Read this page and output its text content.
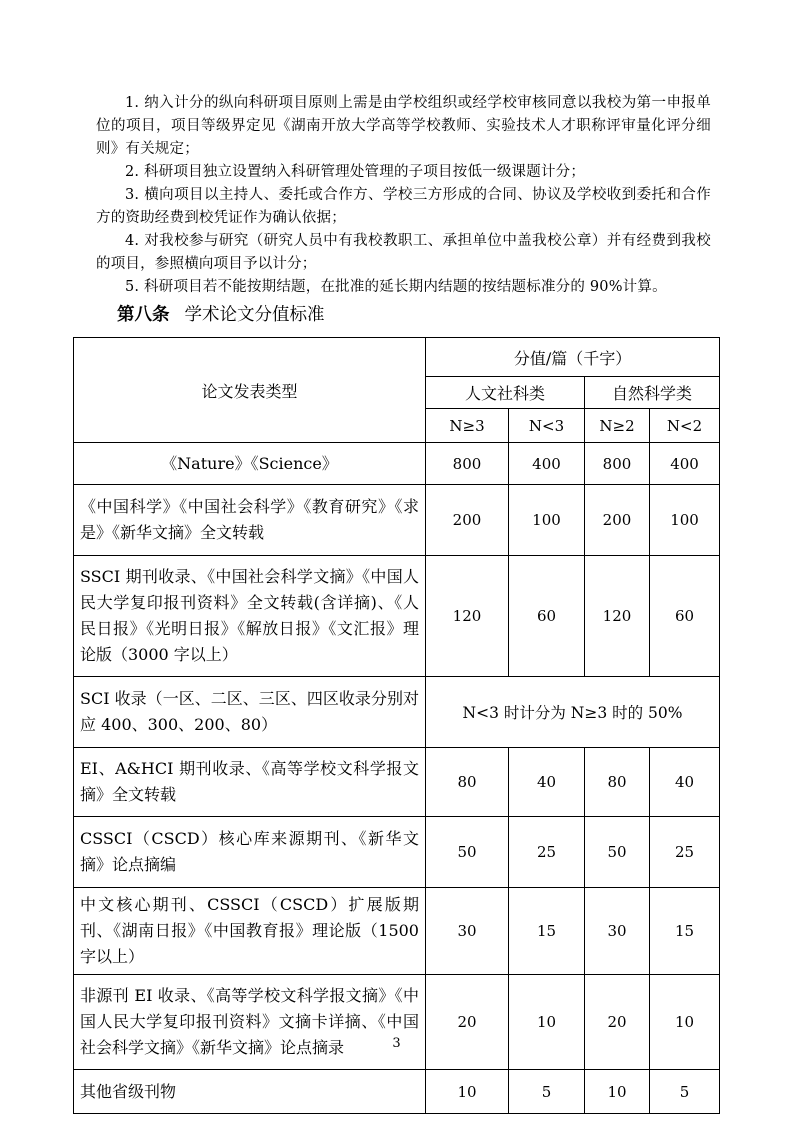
1. 纳入计分的纵向科研项目原则上需是由学校组织或经学校审核同意以我校为第一申报单位的项目，项目等级界定见《湖南开放大学高等学校教师、实验技术人才职称评审量化评分细则》有关规定；

2. 科研项目独立设置纳入科研管理处管理的子项目按低一级课题计分；

3. 横向项目以主持人、委托或合作方、学校三方形成的合同、协议及学校收到委托和合作方的资助经费到校凭证作为确认依据；

4. 对我校参与研究（研究人员中有我校教职工、承担单位中盖我校公章）并有经费到我校的项目，参照横向项目予以计分；

5. 科研项目若不能按期结题，在批准的延长期内结题的按结题标准分的 90%计算。

第八条 学术论文分值标准
论文发表类型	分值/篇（千字）			
	人文社科类		自然科学类	
	N≥3	N<3	N≥2	N<2
《Nature》《Science》	800	400	800	400
《中国科学》《中国社会科学》《教育研究》《求是》《新华文摘》全文转载	200	100	200	100
SSCI 期刊收录、《中国社会科学文摘》《中国人民大学复印报刊资料》全文转载(含详摘)、《人民日报》《光明日报》《解放日报》《文汇报》理论版（3000 字以上）	120	60	120	60
SCI 收录（一区、二区、三区、四区收录分别对应 400、300、200、80）	N<3 时计分为 N≥3 时的 50%			
EI、A&HCI 期刊收录、《高等学校文科学报文摘》全文转载	80	40	80	40
CSSCI（CSCD）核心库来源期刊、《新华文摘》论点摘编	50	25	50	25
中文核心期刊、CSSCI（CSCD）扩展版期刊、《湖南日报》《中国教育报》理论版（1500 字以上）	30	15	30	15
非源刊 EI 收录、《高等学校文科学报文摘》《中国人民大学复印报刊资料》文摘卡详摘、《中国社会科学文摘》《新华文摘》论点摘录	20	10	20	10
其他省级刊物	10	5	10	5
3
